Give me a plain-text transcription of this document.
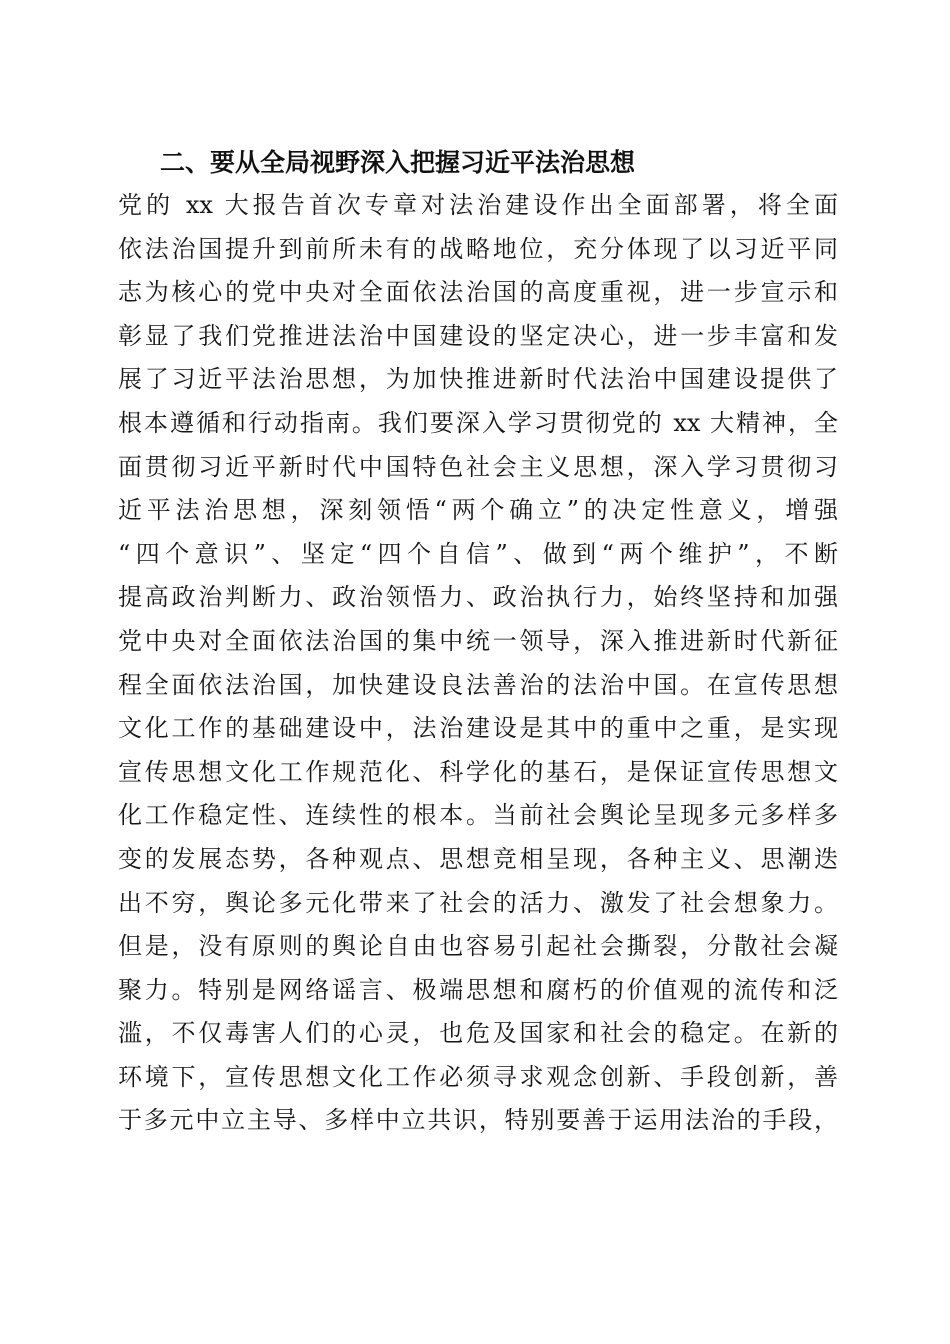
二、要从全局视野深入把握习近平法治思想
党的 xx 大报告首次专章对法治建设作出全面部署，将全面
依法治国提升到前所未有的战略地位，充分体现了以习近平同
志为核心的党中央对全面依法治国的高度重视，进一步宣示和
彰显了我们党推进法治中国建设的坚定决心，进一步丰富和发
展了习近平法治思想，为加快推进新时代法治中国建设提供了
根本遵循和行动指南。我们要深入学习贯彻党的 xx 大精神，全
面贯彻习近平新时代中国特色社会主义思想，深入学习贯彻习
近平法治思想，深刻领悟“两个确立”的决定性意义，增强
“四个意识”、坚定“四个自信”、做到“两个维护”，不断
提高政治判断力、政治领悟力、政治执行力，始终坚持和加强
党中央对全面依法治国的集中统一领导，深入推进新时代新征
程全面依法治国，加快建设良法善治的法治中国。在宣传思想
文化工作的基础建设中，法治建设是其中的重中之重，是实现
宣传思想文化工作规范化、科学化的基石，是保证宣传思想文
化工作稳定性、连续性的根本。当前社会舆论呈现多元多样多
变的发展态势，各种观点、思想竞相呈现，各种主义、思潮迭
出不穷，舆论多元化带来了社会的活力、激发了社会想象力。
但是，没有原则的舆论自由也容易引起社会撕裂，分散社会凝
聚力。特别是网络谣言、极端思想和腐朽的价值观的流传和泛
滥，不仅毒害人们的心灵，也危及国家和社会的稳定。在新的
环境下，宣传思想文化工作必须寻求观念创新、手段创新，善
于多元中立主导、多样中立共识，特别要善于运用法治的手段，
